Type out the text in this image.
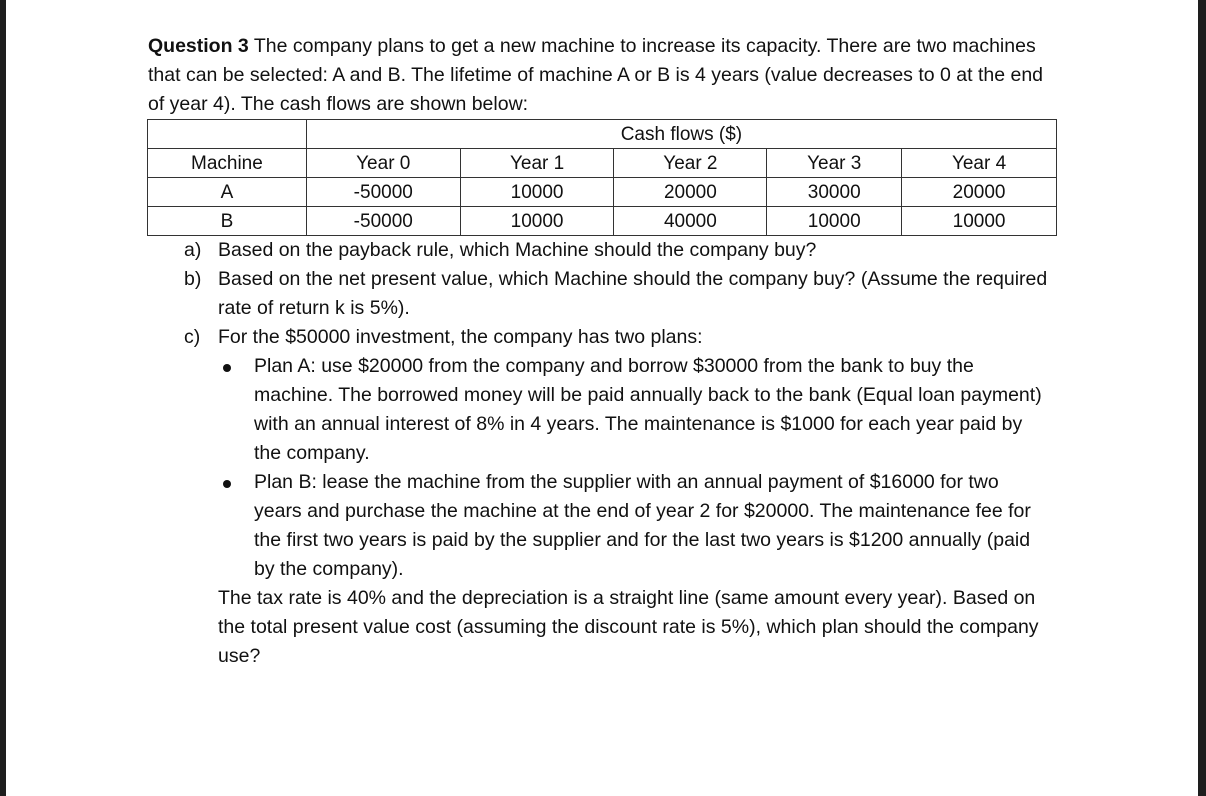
Question 3 The company plans to get a new machine to increase its capacity. There are two machines that can be selected: A and B. The lifetime of machine A or B is 4 years (value decreases to 0 at the end of year 4). The cash flows are shown below:

	Cash flows ($)				
Machine	Year 0	Year 1	Year 2	Year 3	Year 4
A	-50000	10000	20000	30000	20000
B	-50000	10000	40000	10000	10000
a) Based on the payback rule, which Machine should the company buy?
b) Based on the net present value, which Machine should the company buy? (Assume the required rate of return k is 5%).
c) For the $50000 investment, the company has two plans:
Plan A: use $20000 from the company and borrow $30000 from the bank to buy the machine. The borrowed money will be paid annually back to the bank (Equal loan payment) with an annual interest of 8% in 4 years. The maintenance is $1000 for each year paid by the company.
Plan B: lease the machine from the supplier with an annual payment of $16000 for two years and purchase the machine at the end of year 2 for $20000. The maintenance fee for the first two years is paid by the supplier and for the last two years is $1200 annually (paid by the company).

The tax rate is 40% and the depreciation is a straight line (same amount every year). Based on the total present value cost (assuming the discount rate is 5%), which plan should the company use?
